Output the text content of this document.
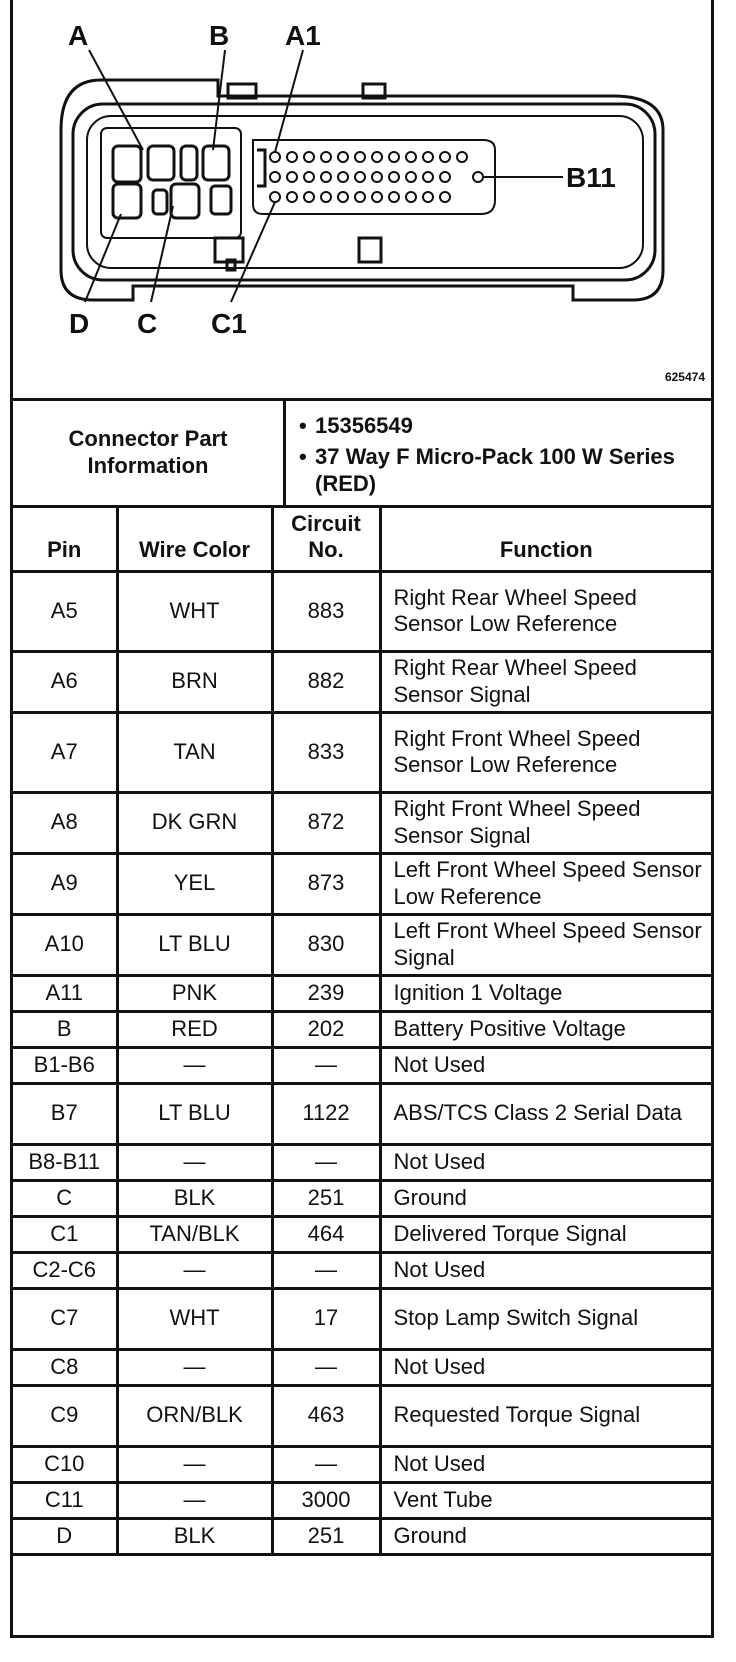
A	B A1
B11
D C C1
625474
Connector Part Information
• 15356549
• 37 Way F Micro-Pack 100 W Series (RED)
Pin	Wire Color	Circuit No.	Function
A5	WHT	883	Right Rear Wheel Speed Sensor Low Reference
A6	BRN	882	Right Rear Wheel Speed Sensor Signal
A7	TAN	833	Right Front Wheel Speed Sensor Low Reference
A8	DK GRN	872	Right Front Wheel Speed Sensor Signal
A9	YEL	873	Left Front Wheel Speed Sensor Low Reference
A10	LT BLU	830	Left Front Wheel Speed Sensor Signal
A11	PNK	239	Ignition 1 Voltage
B	RED	202	Battery Positive Voltage
B1-B6	—	—	Not Used
B7	LT BLU	1122	ABS/TCS Class 2 Serial Data
B8-B11	—	—	Not Used
C	BLK	251	Ground
C1	TAN/BLK	464	Delivered Torque Signal
C2-C6	—	—	Not Used
C7	WHT	17	Stop Lamp Switch Signal
C8	—	—	Not Used
C9	ORN/BLK	463	Requested Torque Signal
C10	—	—	Not Used
C11	—	3000	Vent Tube
D	BLK	251	Ground
